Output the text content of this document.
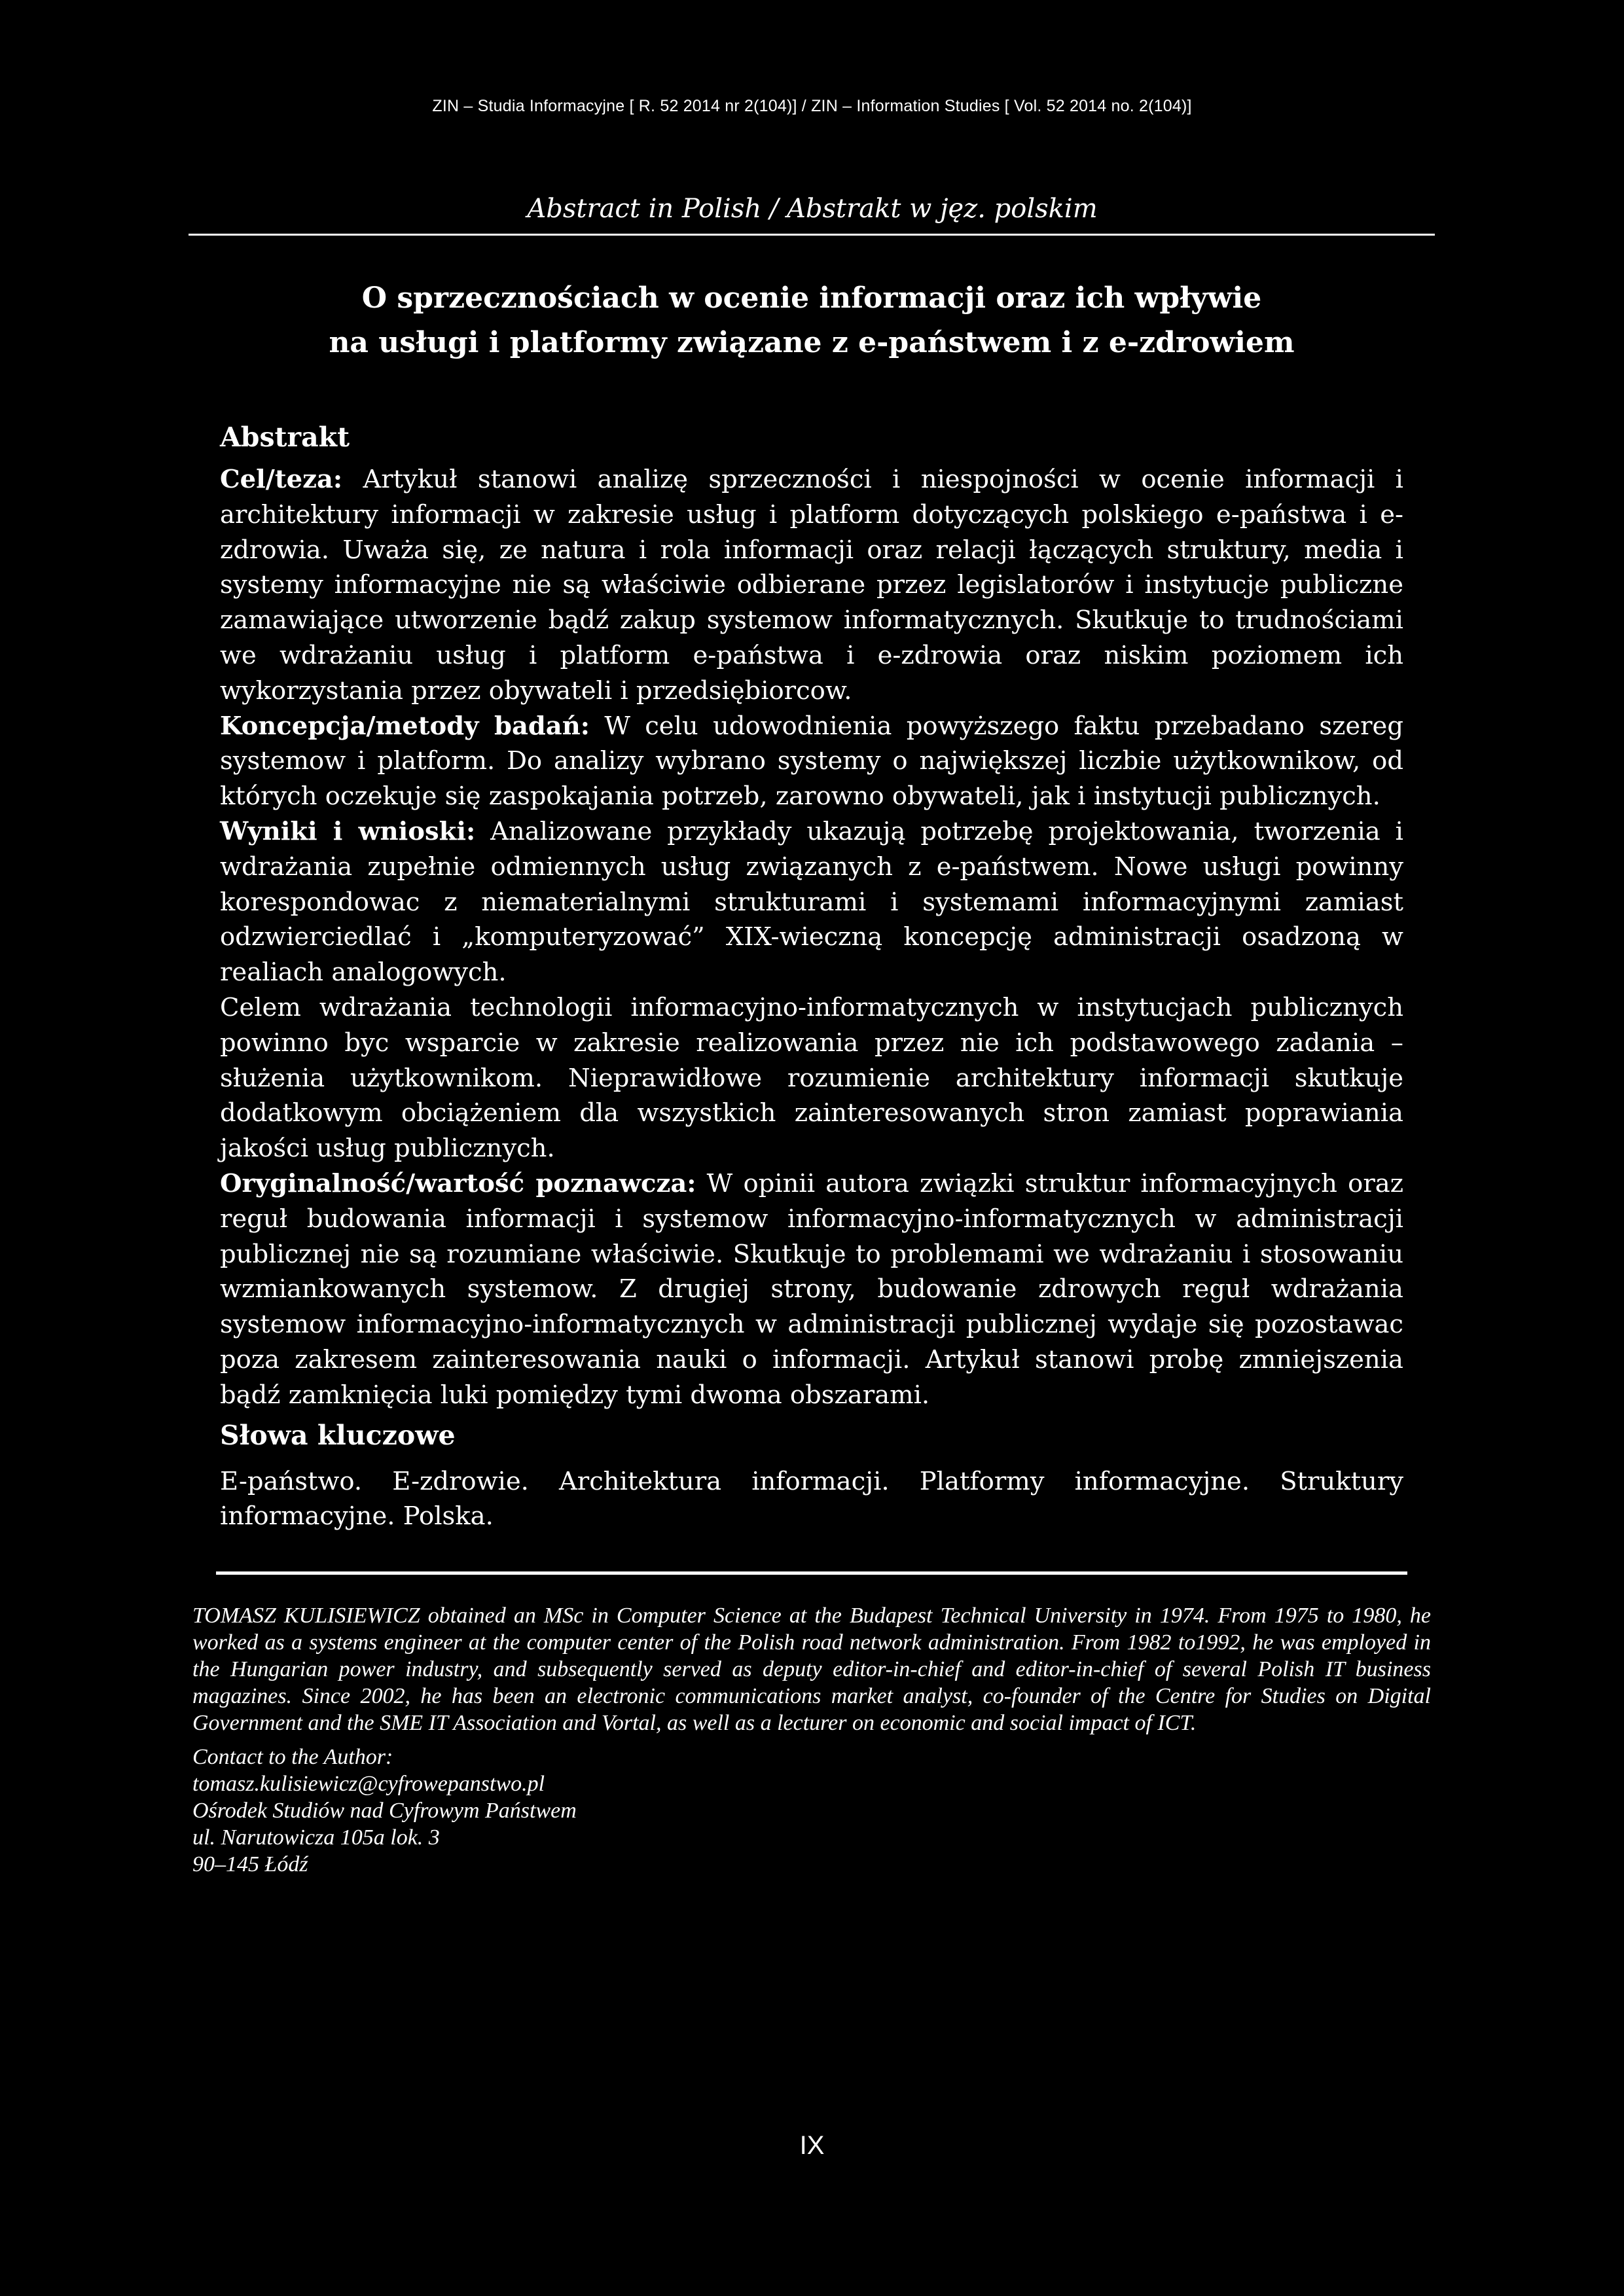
ZIN – Studia Informacyjne [ R. 52 2014 nr 2(104)] / ZIN – Information Studies [ Vol. 52 2014 no. 2(104)]
Abstract in Polish / Abstrakt w jęz. polskim
O sprzecznościach w ocenie informacji oraz ich wpływie
na usługi i platformy związane z e-państwem i z e-zdrowiem
Abstrakt

Cel/teza: Artykuł stanowi analizę sprzeczności i niespojności w ocenie informacji i architektury informacji w zakresie usług i platform dotyczących polskiego e-państwa i e-zdrowia. Uważa się, ze natura i rola informacji oraz relacji łączących struktury, media i systemy informacyjne nie są właściwie odbierane przez legislatorów i instytucje publiczne zamawiające utworzenie bądź zakup systemow informatycznych. Skutkuje to trudnościami we wdrażaniu usług i platform e-państwa i e-zdrowia oraz niskim poziomem ich wykorzystania przez obywateli i przedsiębiorcow.

Koncepcja/metody badań: W celu udowodnienia powyższego faktu przebadano szereg systemow i platform. Do analizy wybrano systemy o największej liczbie użytkownikow, od których oczekuje się zaspokajania potrzeb, zarowno obywateli, jak i instytucji publicznych.

Wyniki i wnioski: Analizowane przykłady ukazują potrzebę projektowania, tworzenia i wdrażania zupełnie odmiennych usług związanych z e-państwem. Nowe usługi powinny korespondowac z niematerialnymi strukturami i systemami informacyjnymi zamiast odzwierciedlać i „komputeryzować” XIX-wieczną koncepcję administracji osadzoną w realiach analogowych.

Celem wdrażania technologii informacyjno-informatycznych w instytucjach publicznych powinno byc wsparcie w zakresie realizowania przez nie ich podstawowego zadania – służenia użytkownikom. Nieprawidłowe rozumienie architektury informacji skutkuje dodatkowym obciążeniem dla wszystkich zainteresowanych stron zamiast poprawiania jakości usług publicznych.

Oryginalność/wartość poznawcza: W opinii autora związki struktur informacyjnych oraz reguł budowania informacji i systemow informacyjno-informatycznych w administracji publicznej nie są rozumiane właściwie. Skutkuje to problemami we wdrażaniu i stosowaniu wzmiankowanych systemow. Z drugiej strony, budowanie zdrowych reguł wdrażania systemow informacyjno-informatycznych w administracji publicznej wydaje się pozostawac poza zakresem zainteresowania nauki o informacji. Artykuł stanowi probę zmniejszenia bądź zamknięcia luki pomiędzy tymi dwoma obszarami.

Słowa kluczowe

E-państwo. E-zdrowie. Architektura informacji. Platformy informacyjne. Struktury informacyjne. Polska.

TOMASZ KULISIEWICZ obtained an MSc in Computer Science at the Budapest Technical University in 1974. From 1975 to 1980, he worked as a systems engineer at the computer center of the Polish road network administration. From 1982 to1992, he was employed in the Hungarian power industry, and subsequently served as deputy editor-in-chief and editor-in-chief of several Polish IT business magazines. Since 2002, he has been an electronic communications market analyst, co-founder of the Centre for Studies on Digital Government and the SME IT Association and Vortal, as well as a lecturer on economic and social impact of ICT.
Contact to the Author:
tomasz.kulisiewicz@cyfrowepanstwo.pl
Ośrodek Studiów nad Cyfrowym Państwem
ul. Narutowicza 105a lok. 3
90–145 Łódź
IX
